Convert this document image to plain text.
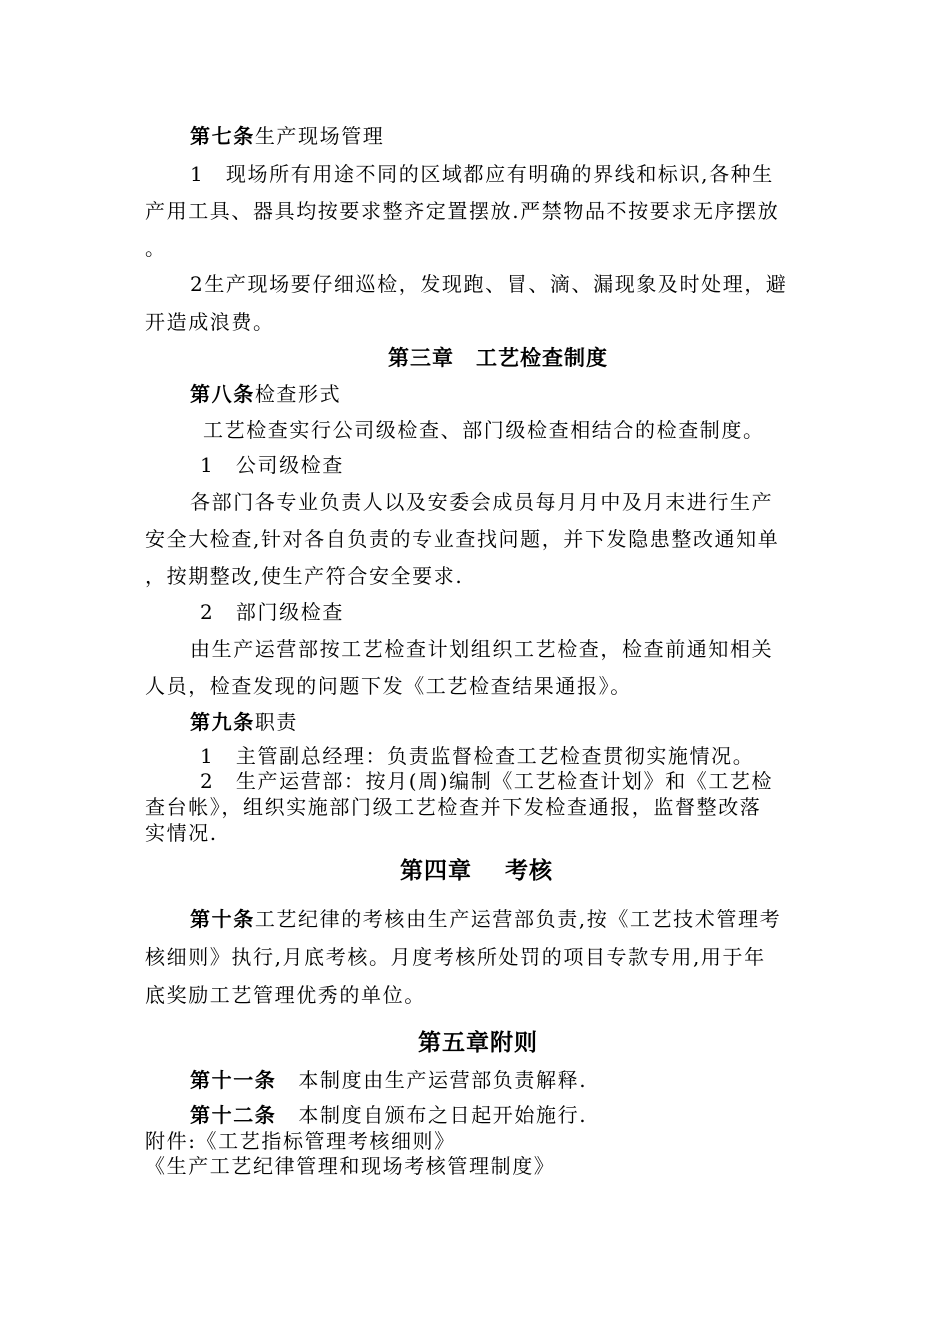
第七条生产现场管理
1　现场所有用途不同的区域都应有明确的界线和标识,各种生
产用工具、器具均按要求整齐定置摆放.严禁物品不按要求无序摆放
。
2生产现场要仔细巡检，发现跑、冒、滴、漏现象及时处理，避
开造成浪费。
第三章　工艺检查制度
第八条检查形式
工艺检查实行公司级检查、部门级检查相结合的检查制度。
1　公司级检查
各部门各专业负责人以及安委会成员每月月中及月末进行生产
安全大检查,针对各自负责的专业查找问题，并下发隐患整改通知单
，按期整改,使生产符合安全要求.
2　部门级检查
由生产运营部按工艺检查计划组织工艺检查，检查前通知相关
人员，检查发现的问题下发《工艺检查结果通报》。
第九条职责
1　主管副总经理：负责监督检查工艺检查贯彻实施情况。
2　生产运营部：按月(周)编制《工艺检查计划》和《工艺检
查台帐》，组织实施部门级工艺检查并下发检查通报，监督整改落
实情况.
第四章　 考核
第十条工艺纪律的考核由生产运营部负责,按《工艺技术管理考
核细则》执行,月底考核。月度考核所处罚的项目专款专用,用于年
底奖励工艺管理优秀的单位。
第五章附则
第十一条 本制度由生产运营部负责解释.
第十二条 本制度自颁布之日起开始施行.
附件:《工艺指标管理考核细则》
《生产工艺纪律管理和现场考核管理制度》
